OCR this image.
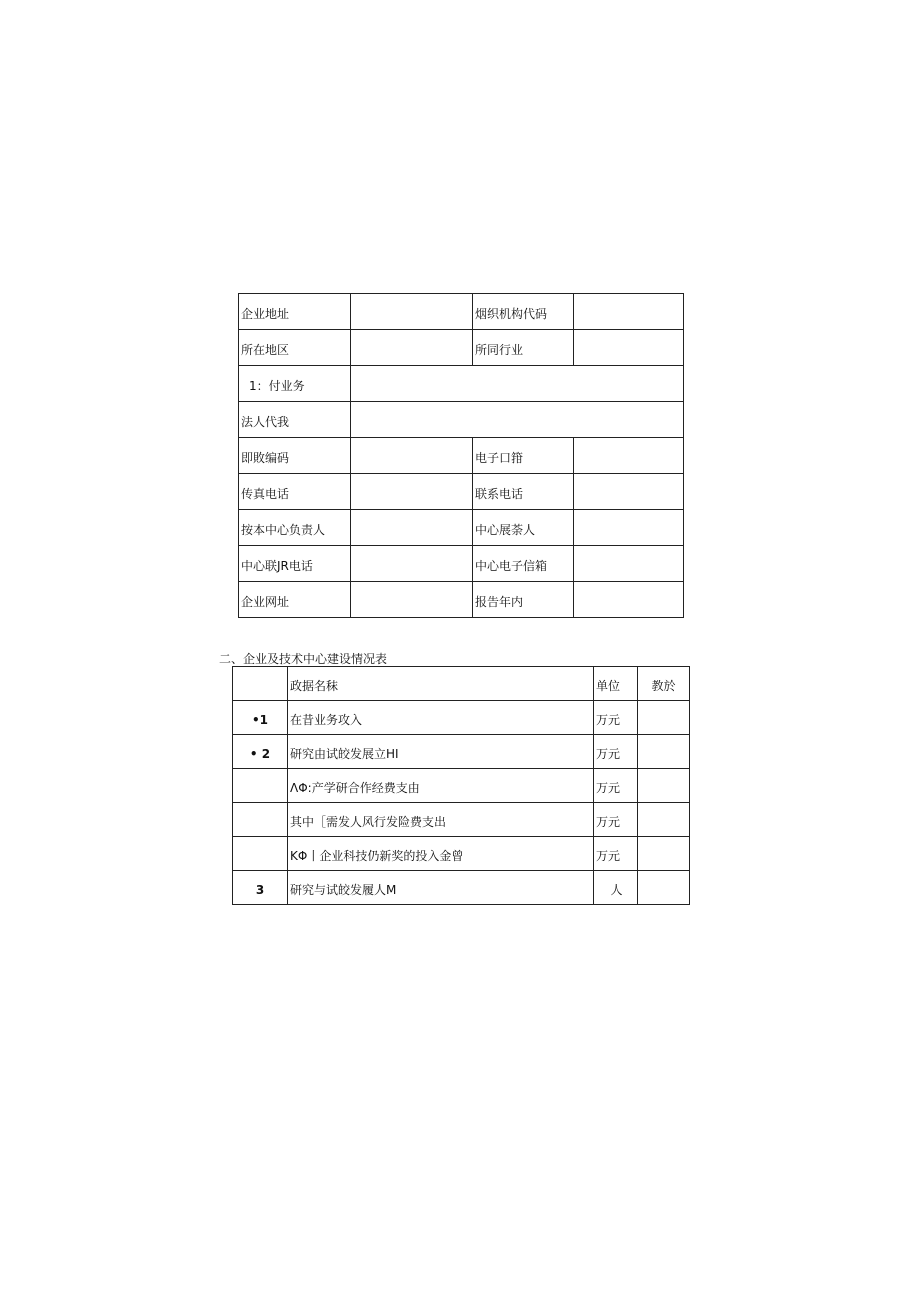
企业地址		烟织机构代码	
所在地区		所同行业	
1：付业务			
法人代我			
即敗编码		电子口箝	
传真电话		联系电话	
按本中心负责人		中心展荼人	
中心联JR电话		中心电子信箱	
企业网址		报告年内	
二、企业及技术中心建设情况表
	政据名秣	单位	教於
•1	在昔业务攻入	万元	
• 2	研究由试皎发展立HI	万元	
	ΛΦ:产学研合作经费支由	万元	
	其中［需发人风行发险费支出	万元	
	KΦ丨企业科技仍新奖的投入金曾	万元	
3	研究与试皎发履人M	人	
